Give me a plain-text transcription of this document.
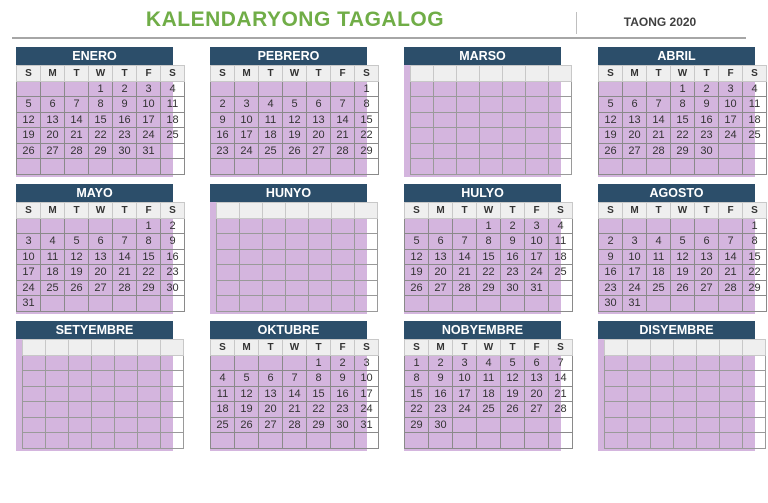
KALENDARYONG TAGALOG	TAONG 2020
ENERO
S	M	T	W	T	F	S
			1	2	3	4
5	6	7	8	9	10	11
12	13	14	15	16	17	18
19	20	21	22	23	24	25
26	27	28	29	30	31	

PEBRERO
S	M	T	W	T	F	S
						1
2	3	4	5	6	7	8
9	10	11	12	13	14	15
16	17	18	19	20	21	22
23	24	25	26	27	28	29

MARSO

							ABRIL
S	M	T	W	T	F	S
			1	2	3	4
5	6	7	8	9	10	11
12	13	14	15	16	17	18
19	20	21	22	23	24	25
26	27	28	29	30		

MAYO
S	M	T	W	T	F	S
					1	2
3	4	5	6	7	8	9
10	11	12	13	14	15	16
17	18	19	20	21	22	23
24	25	26	27	28	29	30
31						
HUNYO

							HULYO
S	M	T	W	T	F	S
			1	2	3	4
5	6	7	8	9	10	11
12	13	14	15	16	17	18
19	20	21	22	23	24	25
26	27	28	29	30	31	

AGOSTO
S	M	T	W	T	F	S
						1
2	3	4	5	6	7	8
9	10	11	12	13	14	15
16	17	18	19	20	21	22
23	24	25	26	27	28	29
30	31					
SETYEMBRE

							OKTUBRE
S	M	T	W	T	F	S
				1	2	3
4	5	6	7	8	9	10
11	12	13	14	15	16	17
18	19	20	21	22	23	24
25	26	27	28	29	30	31

NOBYEMBRE
S	M	T	W	T	F	S
1	2	3	4	5	6	7
8	9	10	11	12	13	14
15	16	17	18	19	20	21
22	23	24	25	26	27	28
29	30					

DISYEMBRE
